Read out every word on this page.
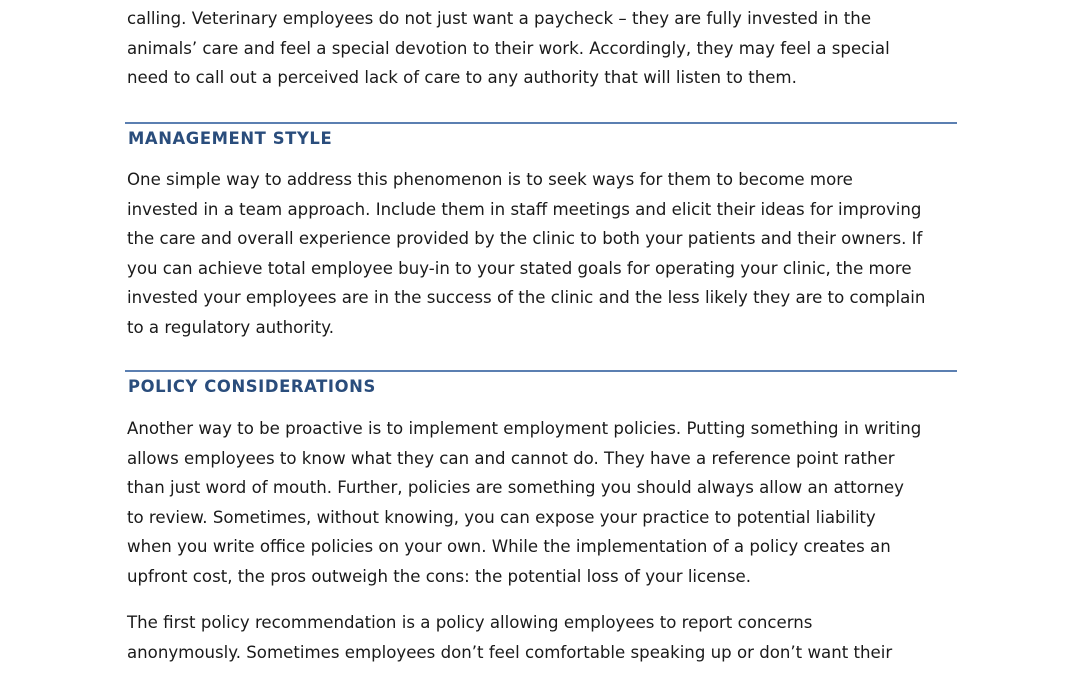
calling. Veterinary employees do not just want a paycheck – they are fully invested in the
animals’ care and feel a special devotion to their work. Accordingly, they may feel a special
need to call out a perceived lack of care to any authority that will listen to them.

MANAGEMENT STYLE

One simple way to address this phenomenon is to seek ways for them to become more
invested in a team approach. Include them in staff meetings and elicit their ideas for improving
the care and overall experience provided by the clinic to both your patients and their owners. If
you can achieve total employee buy-in to your stated goals for operating your clinic, the more
invested your employees are in the success of the clinic and the less likely they are to complain
to a regulatory authority.

POLICY CONSIDERATIONS

Another way to be proactive is to implement employment policies. Putting something in writing
allows employees to know what they can and cannot do. They have a reference point rather
than just word of mouth. Further, policies are something you should always allow an attorney
to review. Sometimes, without knowing, you can expose your practice to potential liability
when you write office policies on your own. While the implementation of a policy creates an
upfront cost, the pros outweigh the cons: the potential loss of your license.

The first policy recommendation is a policy allowing employees to report concerns
anonymously. Sometimes employees don’t feel comfortable speaking up or don’t want their
